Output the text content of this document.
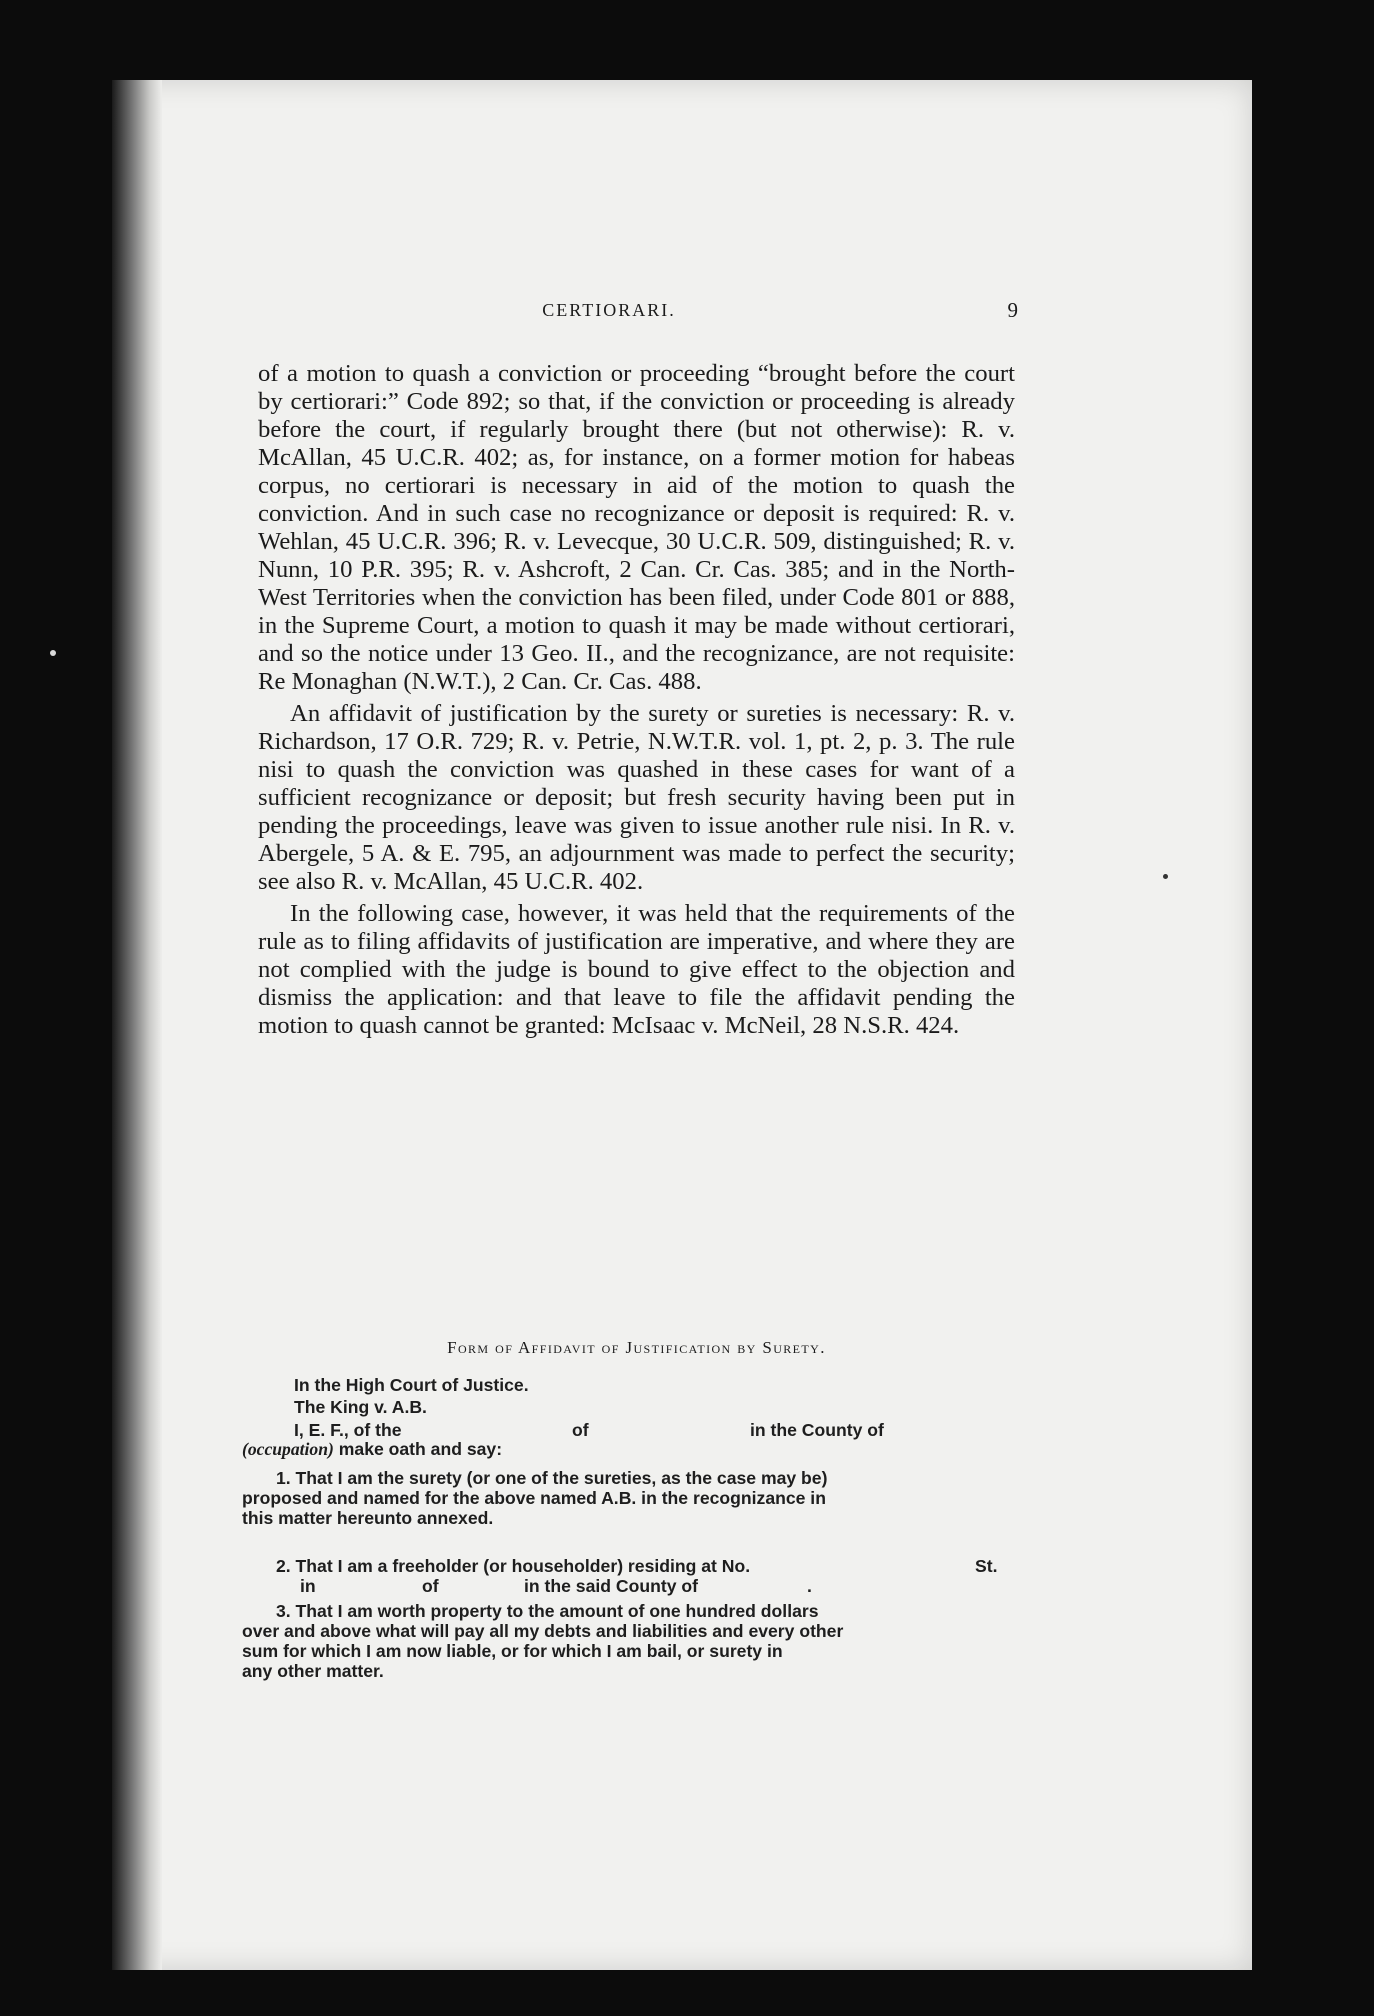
CERTIORARI.	9

of a motion to quash a conviction or proceeding “brought before the court by certiorari:” Code 892; so that, if the conviction or proceeding is already before the court, if regularly brought there (but not otherwise): R. v. McAllan, 45 U.C.R. 402; as, for instance, on a former motion for habeas corpus, no certiorari is necessary in aid of the motion to quash the conviction. And in such case no recognizance or deposit is required: R. v. Wehlan, 45 U.C.R. 396; R. v. Levecque, 30 U.C.R. 509, distinguished; R. v. Nunn, 10 P.R. 395; R. v. Ashcroft, 2 Can. Cr. Cas. 385; and in the North-West Territories when the conviction has been filed, under Code 801 or 888, in the Supreme Court, a motion to quash it may be made without certiorari, and so the notice under 13 Geo. II., and the recognizance, are not requisite: Re Monaghan (N.W.T.), 2 Can. Cr. Cas. 488.

An affidavit of justification by the surety or sureties is necessary: R. v. Richardson, 17 O.R. 729; R. v. Petrie, N.W.T.R. vol. 1, pt. 2, p. 3. The rule nisi to quash the conviction was quashed in these cases for want of a sufficient recognizance or deposit; but fresh security having been put in pending the proceedings, leave was given to issue another rule nisi. In R. v. Abergele, 5 A. & E. 795, an adjournment was made to perfect the security; see also R. v. McAllan, 45 U.C.R. 402.

In the following case, however, it was held that the requirements of the rule as to filing affidavits of justification are imperative, and where they are not complied with the judge is bound to give effect to the objection and dismiss the application: and that leave to file the affidavit pending the motion to quash cannot be granted: McIsaac v. McNeil, 28 N.S.R. 424.

Form of Affidavit of Justification by Surety.
In the High Court of Justice.
The King v. A.B.
I, E. F., of the	of	in the County of
(occupation) make oath and say:
1. That I am the surety (or one of the sureties, as the case may be)
proposed and named for the above named A.B. in the recognizance in
this matter hereunto annexed.
2. That I am a freeholder (or householder) residing at No.	St.
in	of	in the said County of	.
3. That I am worth property to the amount of one hundred dollars
over and above what will pay all my debts and liabilities and every other
sum for which I am now liable, or for which I am bail, or surety in
any other matter.
